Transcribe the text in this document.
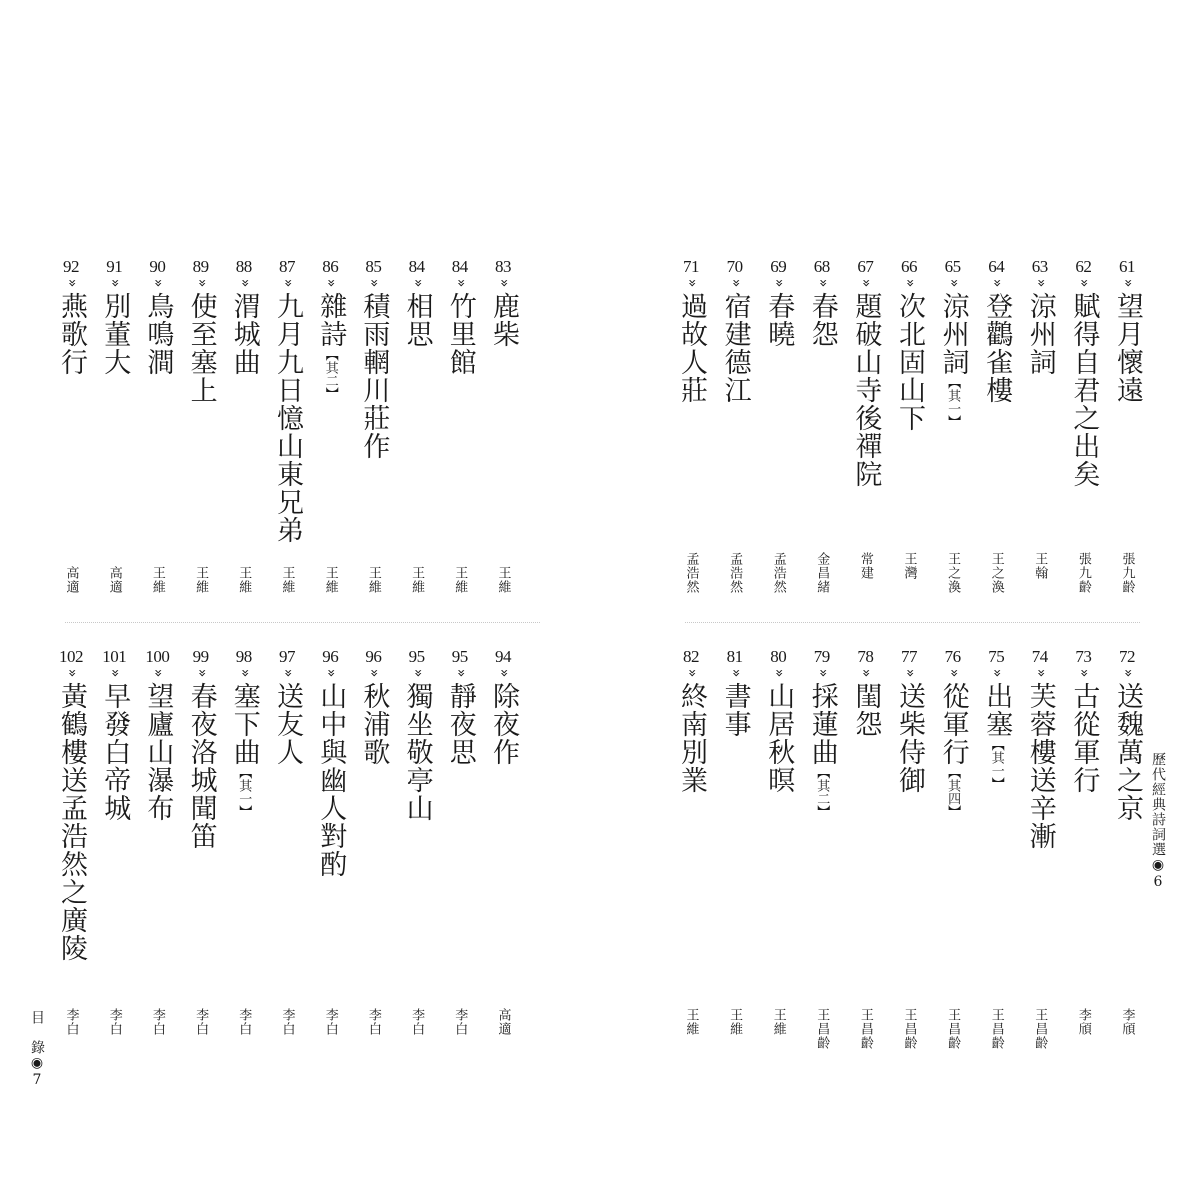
目　錄◉7
83
»
鹿柴
王維
84
»
竹里館
王維
84
»
相思
王維
85
»
積雨輞川莊作
王維
86
»
雜詩
【其二】
王維
87
»
九月九日憶山東兄弟
王維
88
»
渭城曲
王維
89
»
使至塞上
王維
90
»
鳥鳴澗
王維
91
»
別董大
高適
92
»
燕歌行
高適
94
»
除夜作
高適
95
»
靜夜思
李白
95
»
獨坐敬亭山
李白
96
»
秋浦歌
李白
96
»
山中與幽人對酌
李白
97
»
送友人
李白
98
»
塞下曲
【其一】
李白
99
»
春夜洛城聞笛
李白
100
»
望廬山瀑布
李白
101
»
早發白帝城
李白
102
»
黃鶴樓送孟浩然之廣陵
李白
歷代經典詩詞選◉6
61
»
望月懷遠
張九齡
62
»
賦得自君之出矣
張九齡
63
»
涼州詞
王翰
64
»
登鸛雀樓
王之渙
65
»
涼州詞
【其一】
王之渙
66
»
次北固山下
王灣
67
»
題破山寺後禪院
常建
68
»
春怨
金昌緒
69
»
春曉
孟浩然
70
»
宿建德江
孟浩然
71
»
過故人莊
孟浩然
72
»
送魏萬之京
李頎
73
»
古從軍行
李頎
74
»
芙蓉樓送辛漸
王昌齡
75
»
出塞
【其一】
王昌齡
76
»
從軍行
【其四】
王昌齡
77
»
送柴侍御
王昌齡
78
»
閨怨
王昌齡
79
»
採蓮曲
【其二】
王昌齡
80
»
山居秋暝
王維
81
»
書事
王維
82
»
終南別業
王維
